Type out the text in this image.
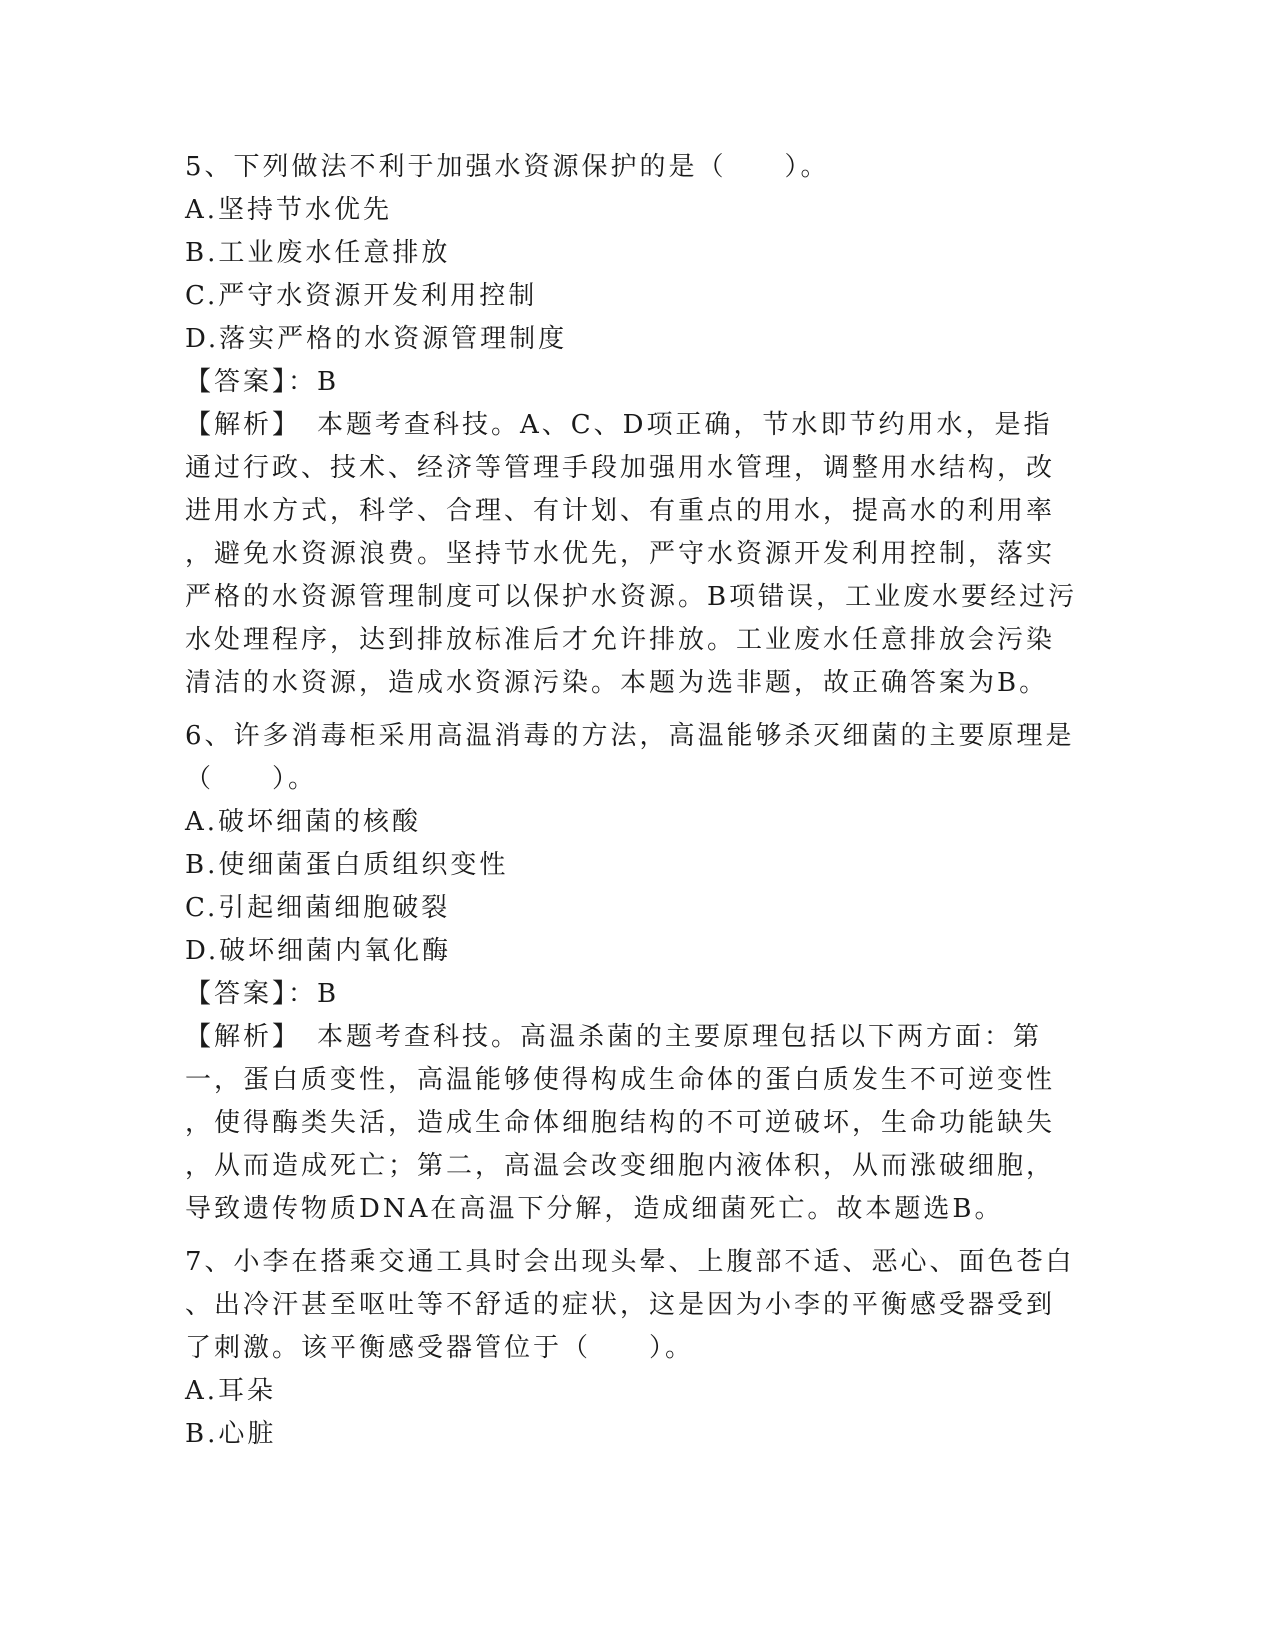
5、下列做法不利于加强水资源保护的是（　　）。
A.坚持节水优先
B.工业废水任意排放
C.严守水资源开发利用控制
D.落实严格的水资源管理制度
【答案】：B
【解析】　本题考查科技。A、C、D项正确，节水即节约用水，是指
通过行政、技术、经济等管理手段加强用水管理，调整用水结构，改
进用水方式，科学、合理、有计划、有重点的用水，提高水的利用率
，避免水资源浪费。坚持节水优先，严守水资源开发利用控制，落实
严格的水资源管理制度可以保护水资源。B项错误，工业废水要经过污
水处理程序，达到排放标准后才允许排放。工业废水任意排放会污染
清洁的水资源，造成水资源污染。本题为选非题，故正确答案为B。
6、许多消毒柜采用高温消毒的方法，高温能够杀灭细菌的主要原理是
（　　）。
A.破坏细菌的核酸
B.使细菌蛋白质组织变性
C.引起细菌细胞破裂
D.破坏细菌内氧化酶
【答案】：B
【解析】　本题考查科技。高温杀菌的主要原理包括以下两方面：第
一，蛋白质变性，高温能够使得构成生命体的蛋白质发生不可逆变性
，使得酶类失活，造成生命体细胞结构的不可逆破坏，生命功能缺失
，从而造成死亡；第二，高温会改变细胞内液体积，从而涨破细胞，
导致遗传物质DNA在高温下分解，造成细菌死亡。故本题选B。
7、小李在搭乘交通工具时会出现头晕、上腹部不适、恶心、面色苍白
、出冷汗甚至呕吐等不舒适的症状，这是因为小李的平衡感受器受到
了刺激。该平衡感受器管位于（　　）。
A.耳朵
B.心脏
